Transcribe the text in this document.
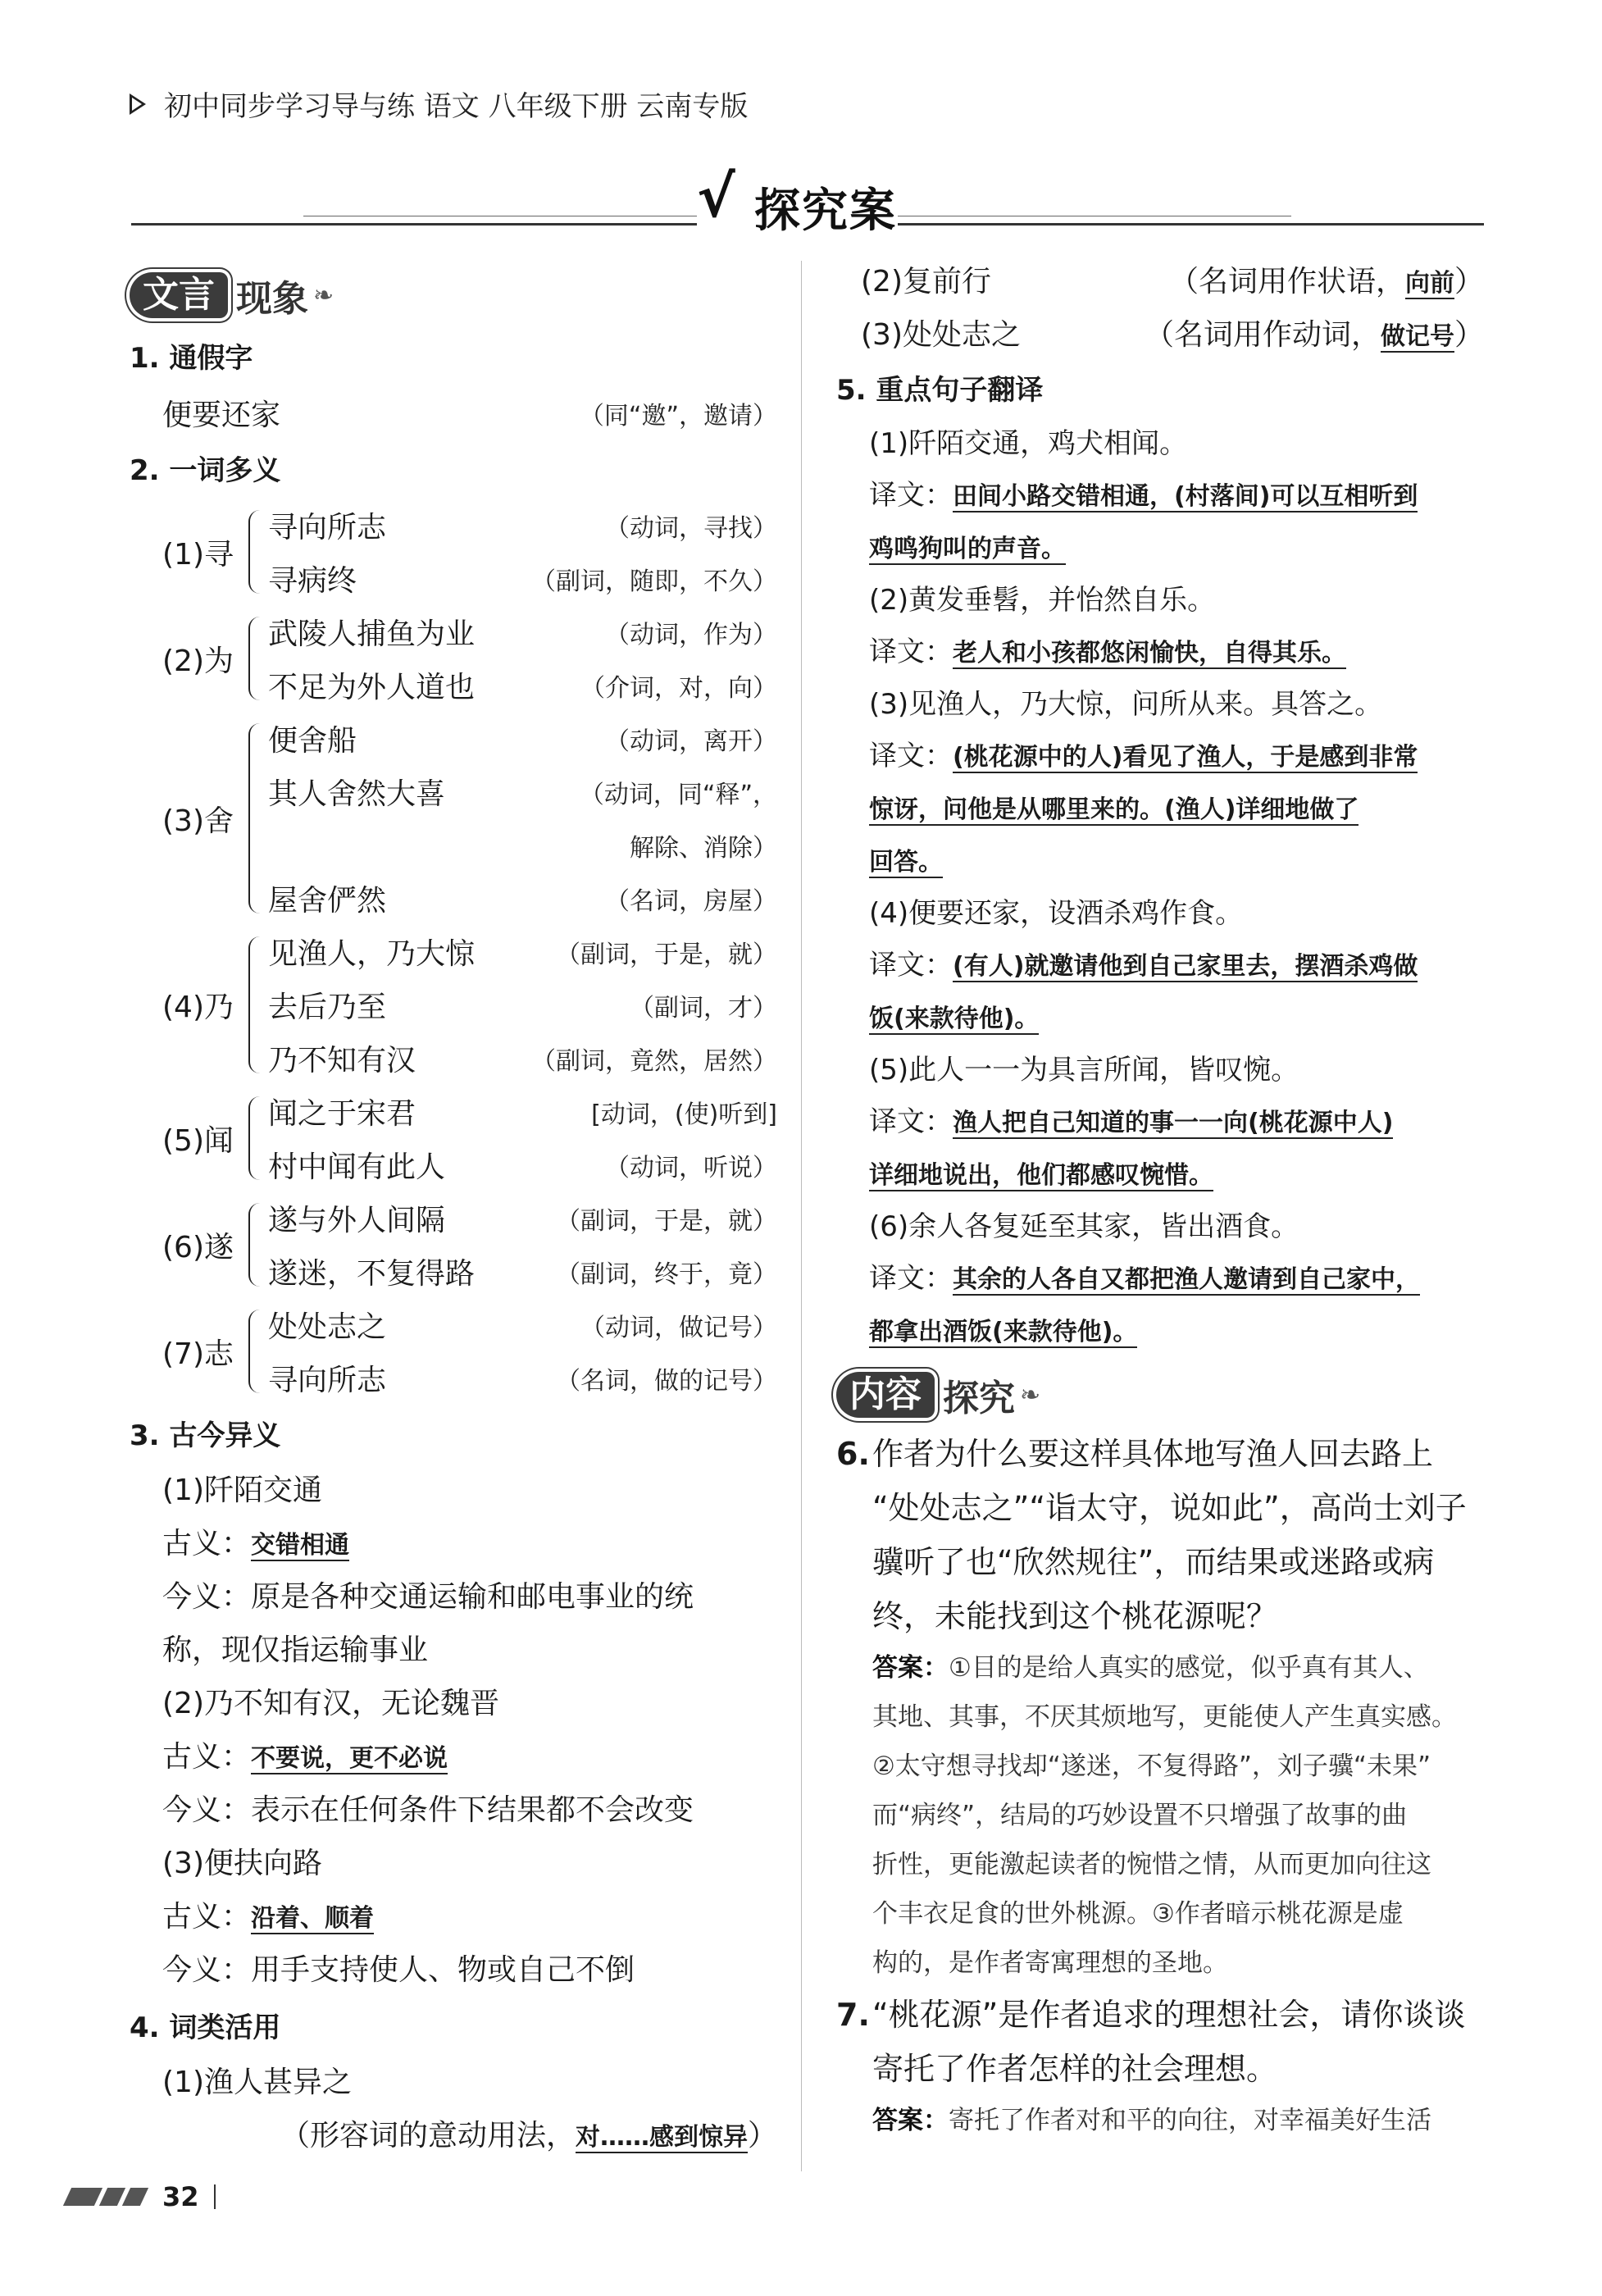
初中同步学习导与练 语文 八年级下册 云南专版
√ 探究案
文言 现象 ❧
1. 通假字
便要还家	（同“邀”，邀请）
2. 一词多义
(1)寻
寻向所志	（动词，寻找）
寻病终	（副词，随即，不久）
(2)为
武陵人捕鱼为业	（动词，作为）
不足为外人道也	（介词，对，向）
(3)舍
便舍船	（动词，离开）
其人舍然大喜	（动词，同“释”，
解除、消除）
屋舍俨然	（名词，房屋）
(4)乃
见渔人，乃大惊	（副词，于是，就）
去后乃至	（副词，才）
乃不知有汉	（副词，竟然，居然）
(5)闻
闻之于宋君	[动词，(使)听到]
村中闻有此人	（动词，听说）
(6)遂
遂与外人间隔	（副词，于是，就）
遂迷，不复得路	（副词，终于，竟）
(7)志
处处志之	（动词，做记号）
寻向所志	（名词，做的记号）
3. 古今异义
(1)阡陌交通
古义：交错相通
今义：原是各种交通运输和邮电事业的统
称，现仅指运输事业
(2)乃不知有汉，无论魏晋
古义：不要说，更不必说
今义：表示在任何条件下结果都不会改变
(3)便扶向路
古义：沿着、顺着
今义：用手支持使人、物或自己不倒
4. 词类活用
(1)渔人甚异之
（形容词的意动用法，对……感到惊异）
(2)复前行	（名词用作状语，向前）
(3)处处志之	（名词用作动词，做记号）
5. 重点句子翻译
(1)阡陌交通，鸡犬相闻。
译文：田间小路交错相通，(村落间)可以互相听到
鸡鸣狗叫的声音。
(2)黄发垂髫，并怡然自乐。
译文：老人和小孩都悠闲愉快，自得其乐。
(3)见渔人，乃大惊，问所从来。具答之。
译文：(桃花源中的人)看见了渔人，于是感到非常
惊讶，问他是从哪里来的。(渔人)详细地做了
回答。
(4)便要还家，设酒杀鸡作食。
译文：(有人)就邀请他到自己家里去，摆酒杀鸡做
饭(来款待他)。
(5)此人一一为具言所闻，皆叹惋。
译文：渔人把自己知道的事一一向(桃花源中人)
详细地说出，他们都感叹惋惜。
(6)余人各复延至其家，皆出酒食。
译文：其余的人各自又都把渔人邀请到自己家中，
都拿出酒饭(来款待他)。
内容 探究 ❧
6. 作者为什么要这样具体地写渔人回去路上
“处处志之”“诣太守，说如此”，高尚士刘子
骥听了也“欣然规往”，而结果或迷路或病
终，未能找到这个桃花源呢？
答案：①目的是给人真实的感觉，似乎真有其人、
其地、其事，不厌其烦地写，更能使人产生真实感。
②太守想寻找却“遂迷，不复得路”，刘子骥“未果”
而“病终”，结局的巧妙设置不只增强了故事的曲
折性，更能激起读者的惋惜之情，从而更加向往这
个丰衣足食的世外桃源。③作者暗示桃花源是虚
构的，是作者寄寓理想的圣地。
7. “桃花源”是作者追求的理想社会，请你谈谈
寄托了作者怎样的社会理想。
答案：寄托了作者对和平的向往，对幸福美好生活
32
